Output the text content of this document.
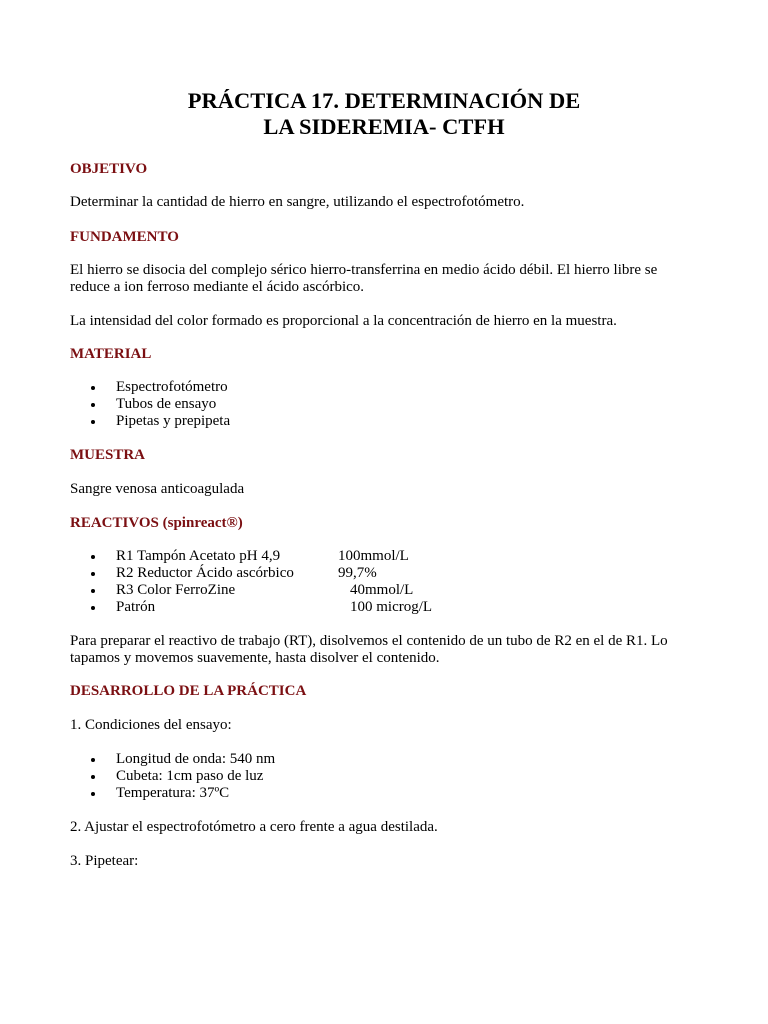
PRÁCTICA 17. DETERMINACIÓN DE
LA SIDEREMIA- CTFH
OBJETIVO
Determinar la cantidad de hierro en sangre, utilizando el espectrofotómetro.
FUNDAMENTO
El hierro se disocia del complejo sérico hierro-transferrina en medio ácido débil. El hierro libre se
reduce a ion ferroso mediante el ácido ascórbico.
La intensidad del color formado es proporcional a la concentración de hierro en la muestra.
MATERIAL
Espectrofotómetro
Tubos de ensayo
Pipetas y prepipeta
MUESTRA
Sangre venosa anticoagulada
REACTIVOS (spinreact®)
R1 Tampón Acetato pH 4,9	100mmol/L
R2 Reductor Ácido ascórbico	99,7%
R3 Color FerroZine	40mmol/L
Patrón	100 microg/L
Para preparar el reactivo de trabajo (RT), disolvemos el contenido de un tubo de R2 en el de R1. Lo
tapamos y movemos suavemente, hasta disolver el contenido.
DESARROLLO DE LA PRÁCTICA
1. Condiciones del ensayo:
Longitud de onda: 540 nm
Cubeta: 1cm paso de luz
Temperatura: 37ºC
2. Ajustar el espectrofotómetro a cero frente a agua destilada.
3. Pipetear:
